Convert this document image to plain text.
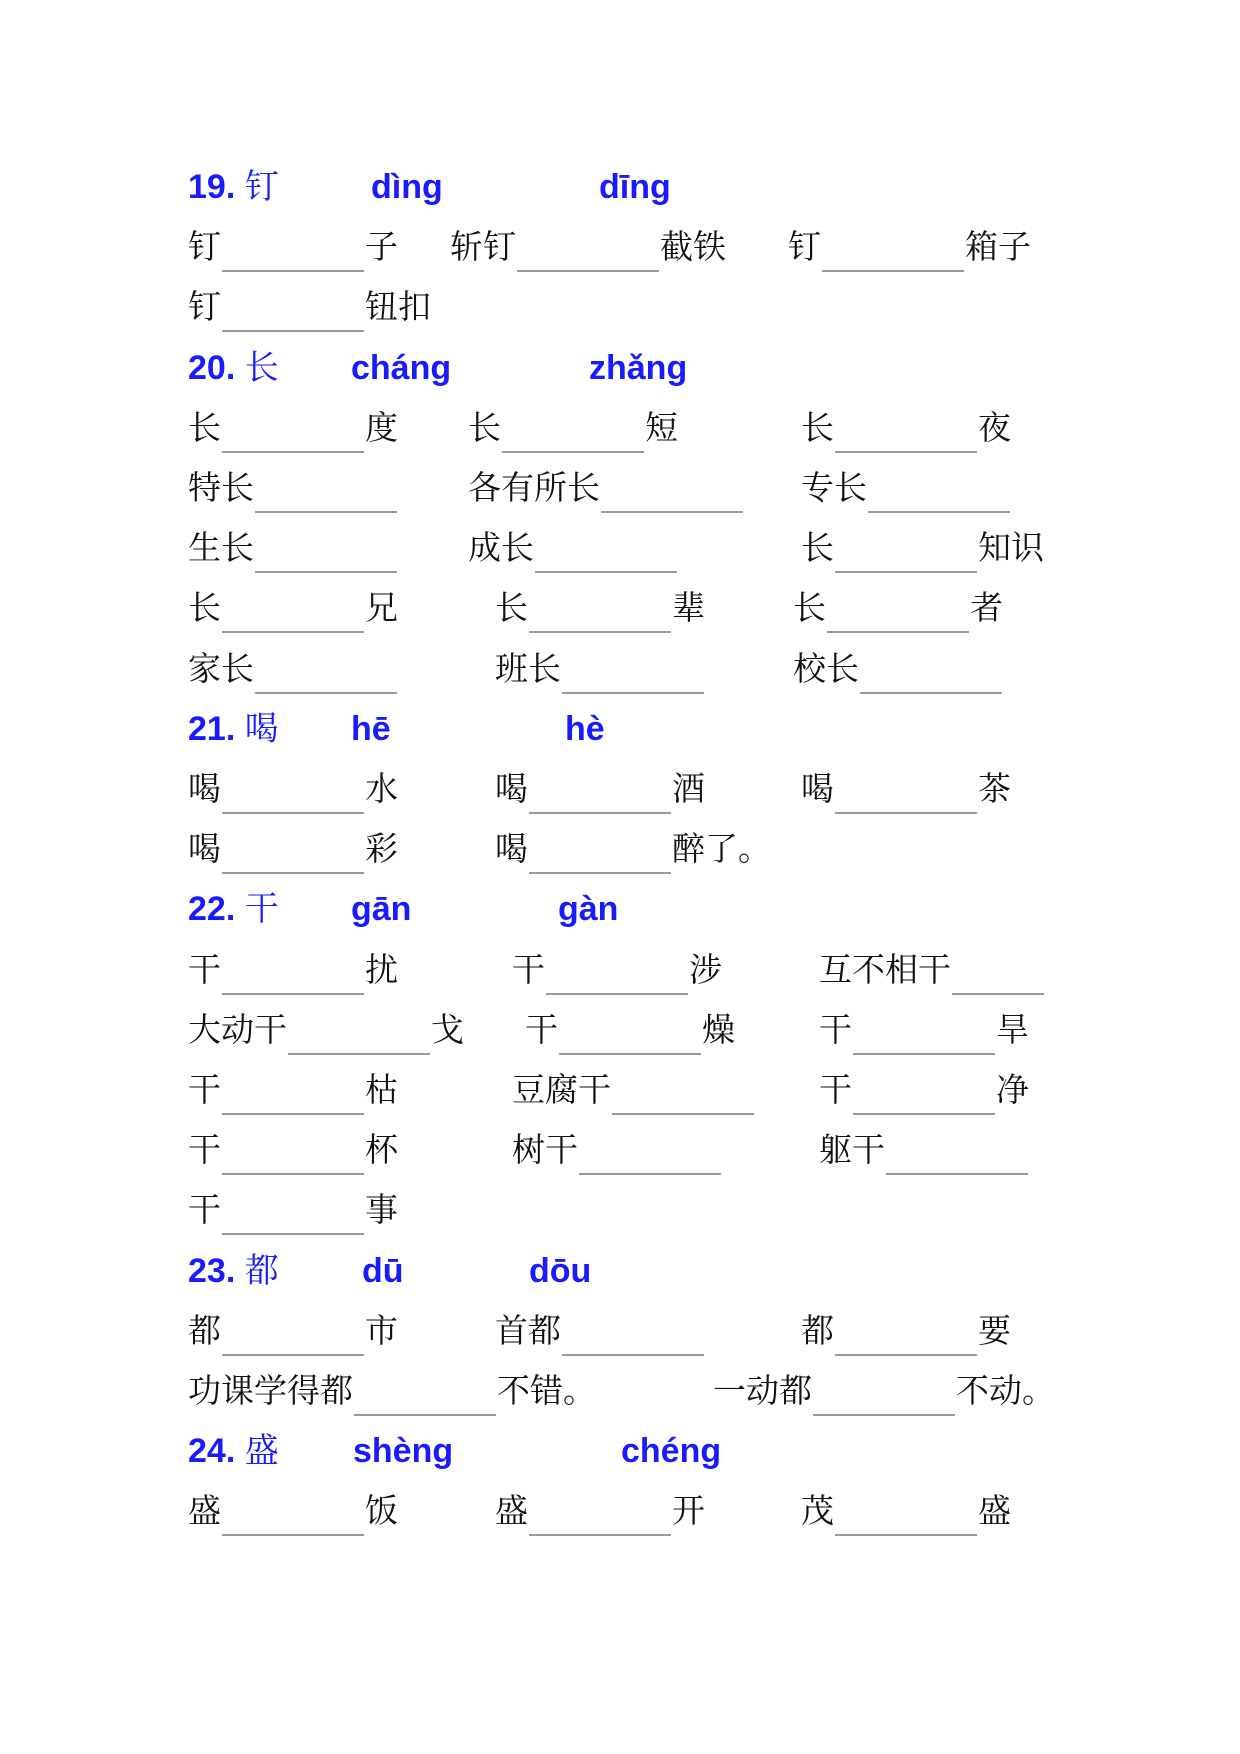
19. 钉	dìng	dīng
钉	子 斩钉	截铁 钉	箱子
钉	钮扣
20. 长 cháng	zhǎng
长	度 长	短	长	夜
特长	各有所长	专长
生长	成长	长	知识
长	兄	长	辈	长	者
家长	班长	校长
21. 喝 hē	hè
喝	水	喝	酒	喝	茶
喝	彩	喝	醉了。
22. 干 gān	gàn
干	扰	干	涉	互不相干
大动干	戈 干	燥	干	旱
干	枯	豆腐干	干	净
干	杯	树干	躯干
干	事
23. 都 dū	dōu
都	市	首都	都	要
功课学得都	不错。	一动都	不动。
24. 盛 shèng	chéng
盛	饭	盛	开	茂	盛
